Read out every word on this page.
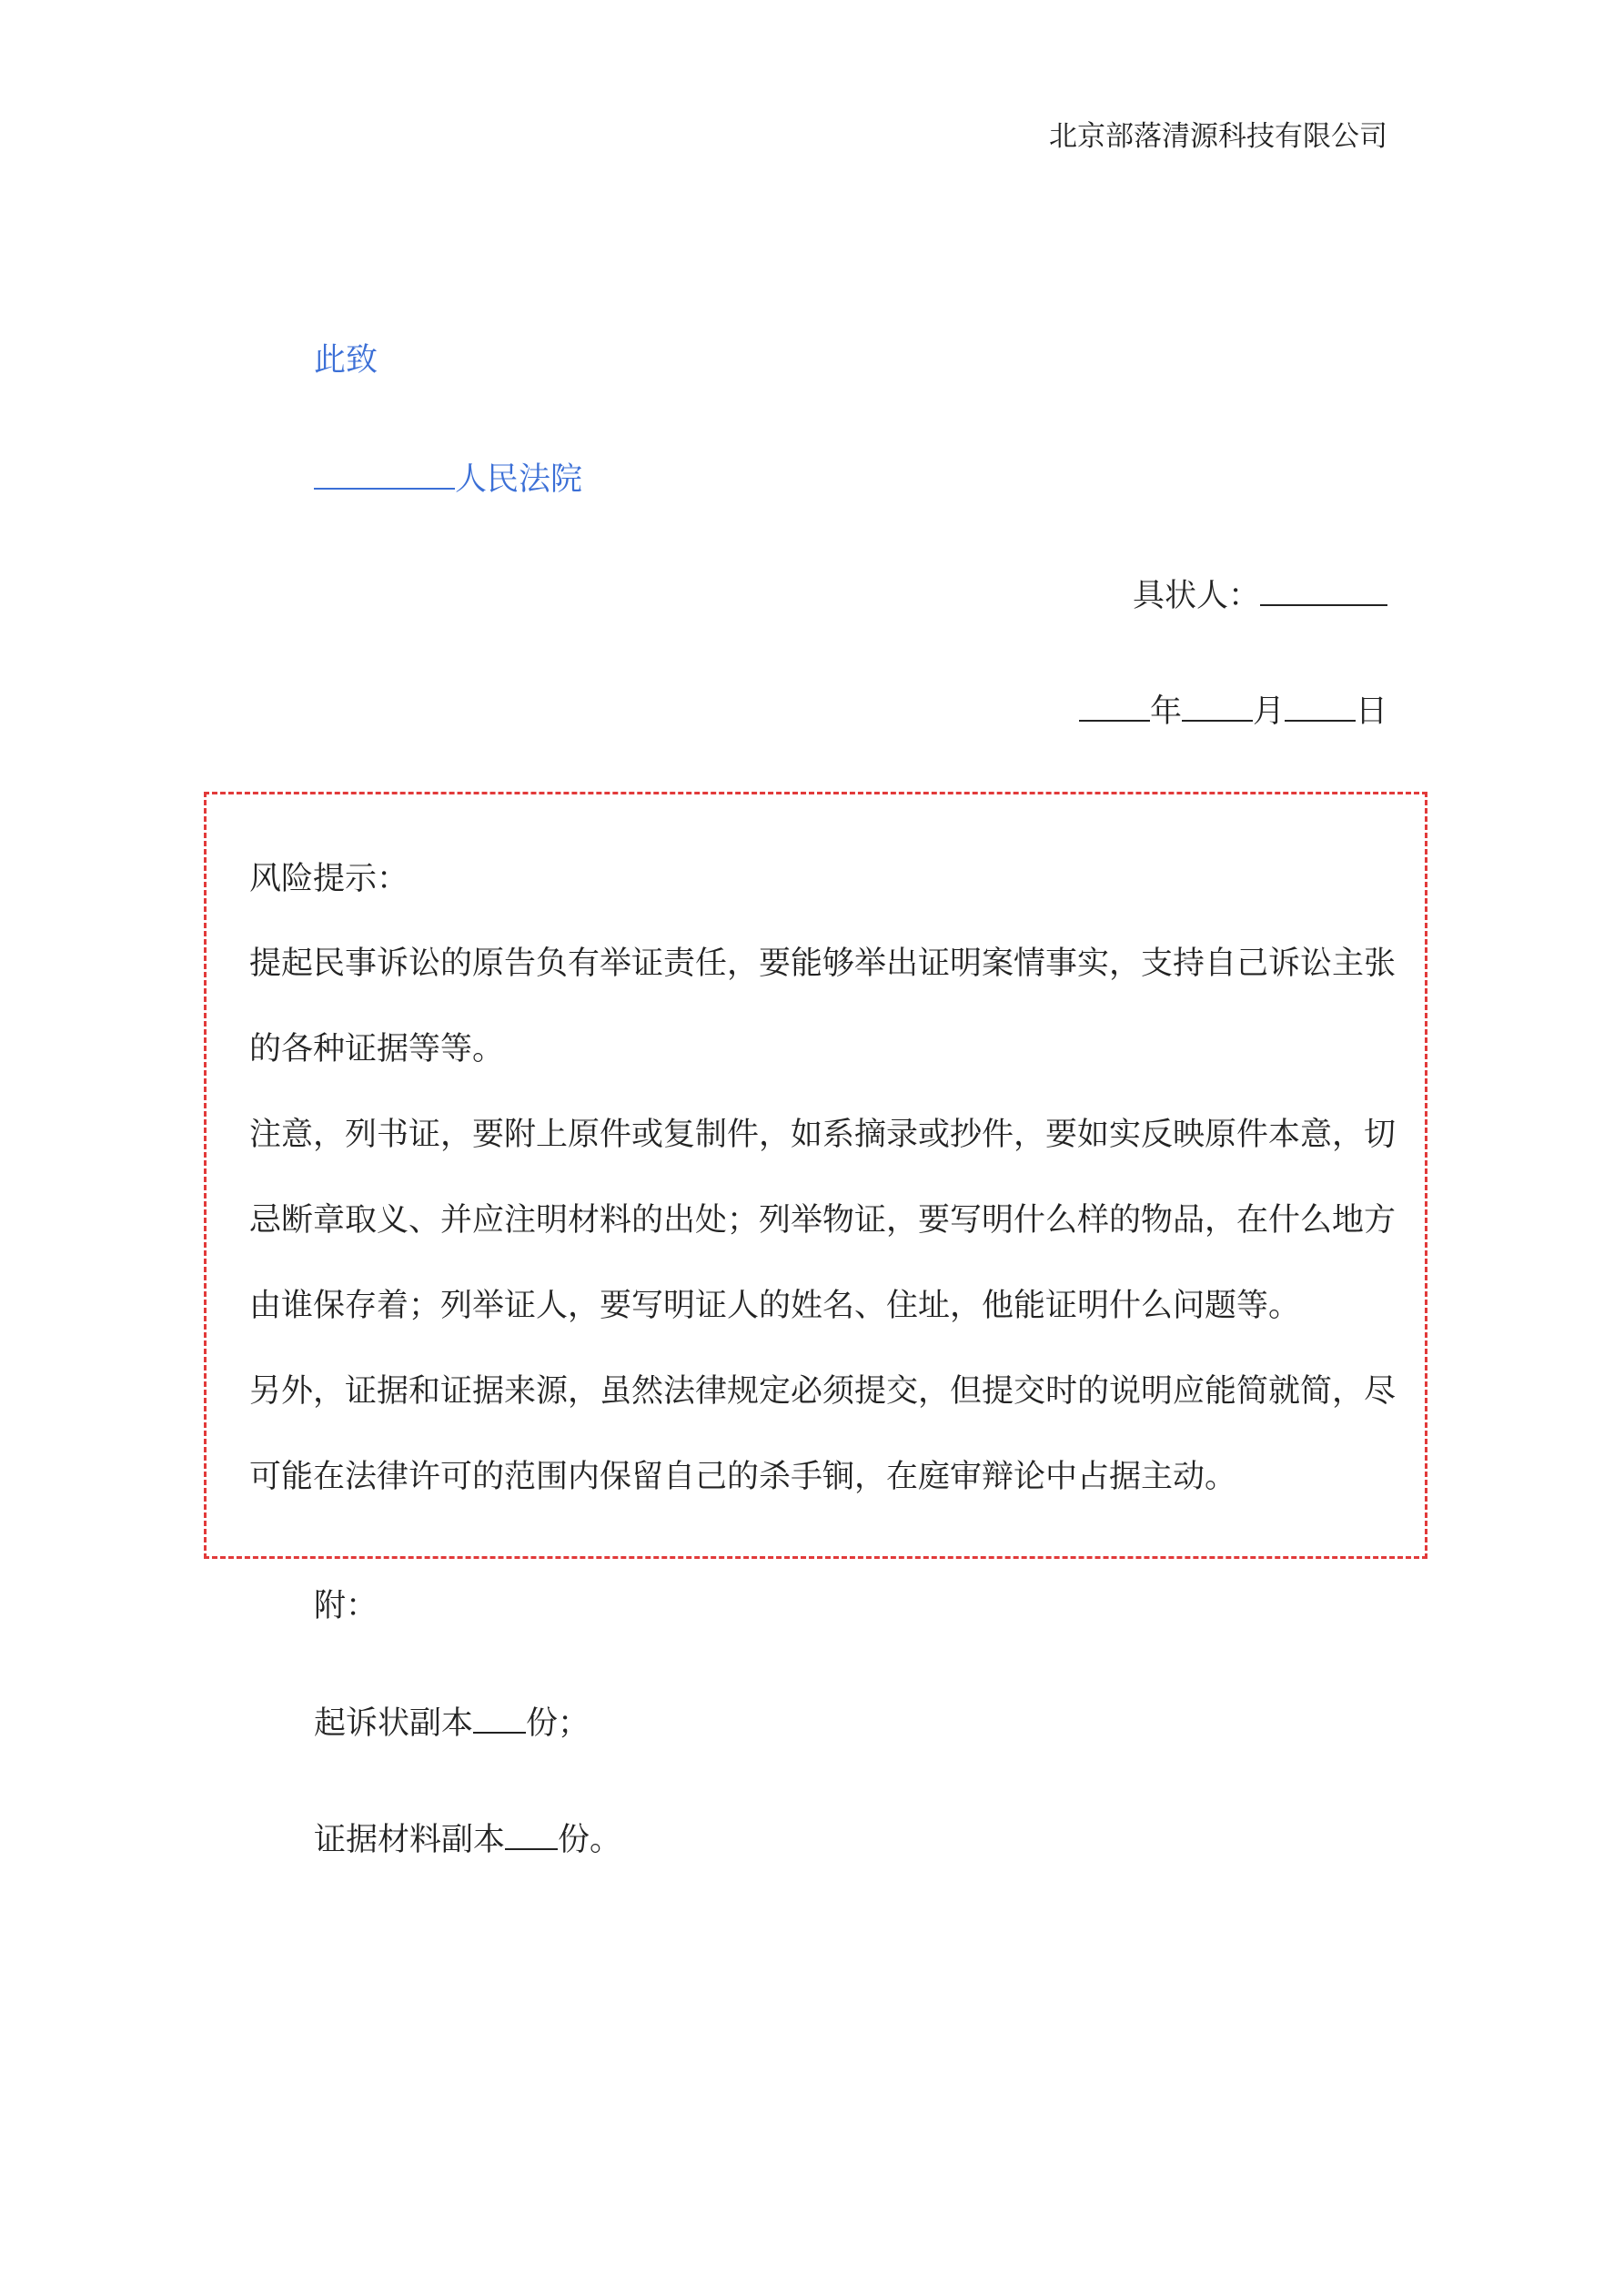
北京部落清源科技有限公司
此致
人民法院
具状人：
年 月 日
风险提示：
提起民事诉讼的原告负有举证责任，要能够举出证明案情事实，支持自己诉讼主张
的各种证据等等。
注意，列书证，要附上原件或复制件，如系摘录或抄件，要如实反映原件本意，切
忌断章取义、并应注明材料的出处；列举物证，要写明什么样的物品，在什么地方
由谁保存着；列举证人，要写明证人的姓名、住址，他能证明什么问题等。
另外，证据和证据来源，虽然法律规定必须提交，但提交时的说明应能简就简，尽
可能在法律许可的范围内保留自己的杀手锏，在庭审辩论中占据主动。
附：
起诉状副本 份；
证据材料副本 份。
